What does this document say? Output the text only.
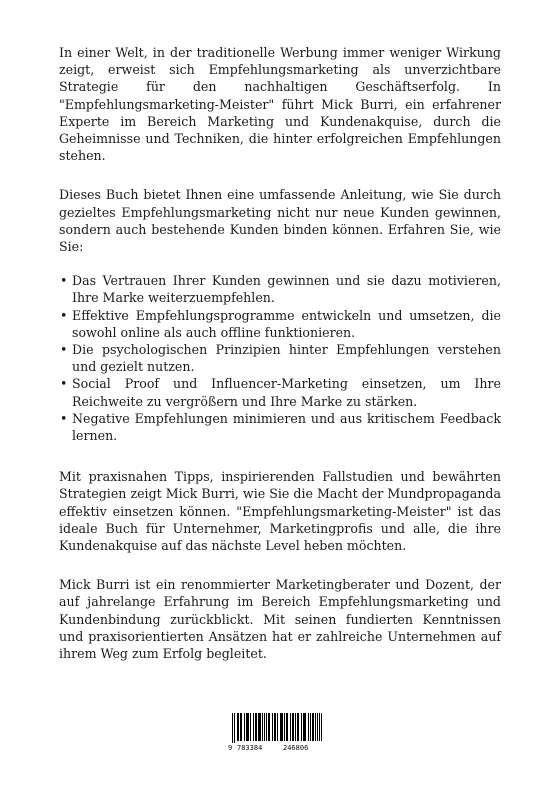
In einer Welt, in der traditionelle Werbung immer weniger Wirkung zeigt, erweist sich Empfehlungsmarketing als unverzichtbare Strategie für den nachhaltigen Geschäftserfolg. In "Empfehlungsmarketing-Meister" führt Mick Burri, ein erfahrener Experte im Bereich Marketing und Kundenakquise, durch die Geheimnisse und Techniken, die hinter erfolgreichen Empfehlungen stehen.

Dieses Buch bietet Ihnen eine umfassende Anleitung, wie Sie durch gezieltes Empfehlungsmarketing nicht nur neue Kunden gewinnen, sondern auch bestehende Kunden binden können. Erfahren Sie, wie Sie:

• Das Vertrauen Ihrer Kunden gewinnen und sie dazu motivieren, Ihre Marke weiterzuempfehlen.
• Effektive Empfehlungsprogramme entwickeln und umsetzen, die sowohl online als auch offline funktionieren.
• Die psychologischen Prinzipien hinter Empfehlungen verstehen und gezielt nutzen.
• Social Proof und Influencer-Marketing einsetzen, um Ihre Reichweite zu vergrößern und Ihre Marke zu stärken.
• Negative Empfehlungen minimieren und aus kritischem Feedback lernen.

Mit praxisnahen Tipps, inspirierenden Fallstudien und bewährten Strategien zeigt Mick Burri, wie Sie die Macht der Mundpropaganda effektiv einsetzen können. "Empfehlungsmarketing-Meister" ist das ideale Buch für Unternehmer, Marketingprofis und alle, die ihre Kundenakquise auf das nächste Level heben möchten.

Mick Burri ist ein renommierter Marketingberater und Dozent, der auf jahrelange Erfahrung im Bereich Empfehlungsmarketing und Kundenbindung zurückblickt. Mit seinen fundierten Kenntnissen und praxisorientierten Ansätzen hat er zahlreiche Unternehmen auf ihrem Weg zum Erfolg begleitet.

9 783384	246806
